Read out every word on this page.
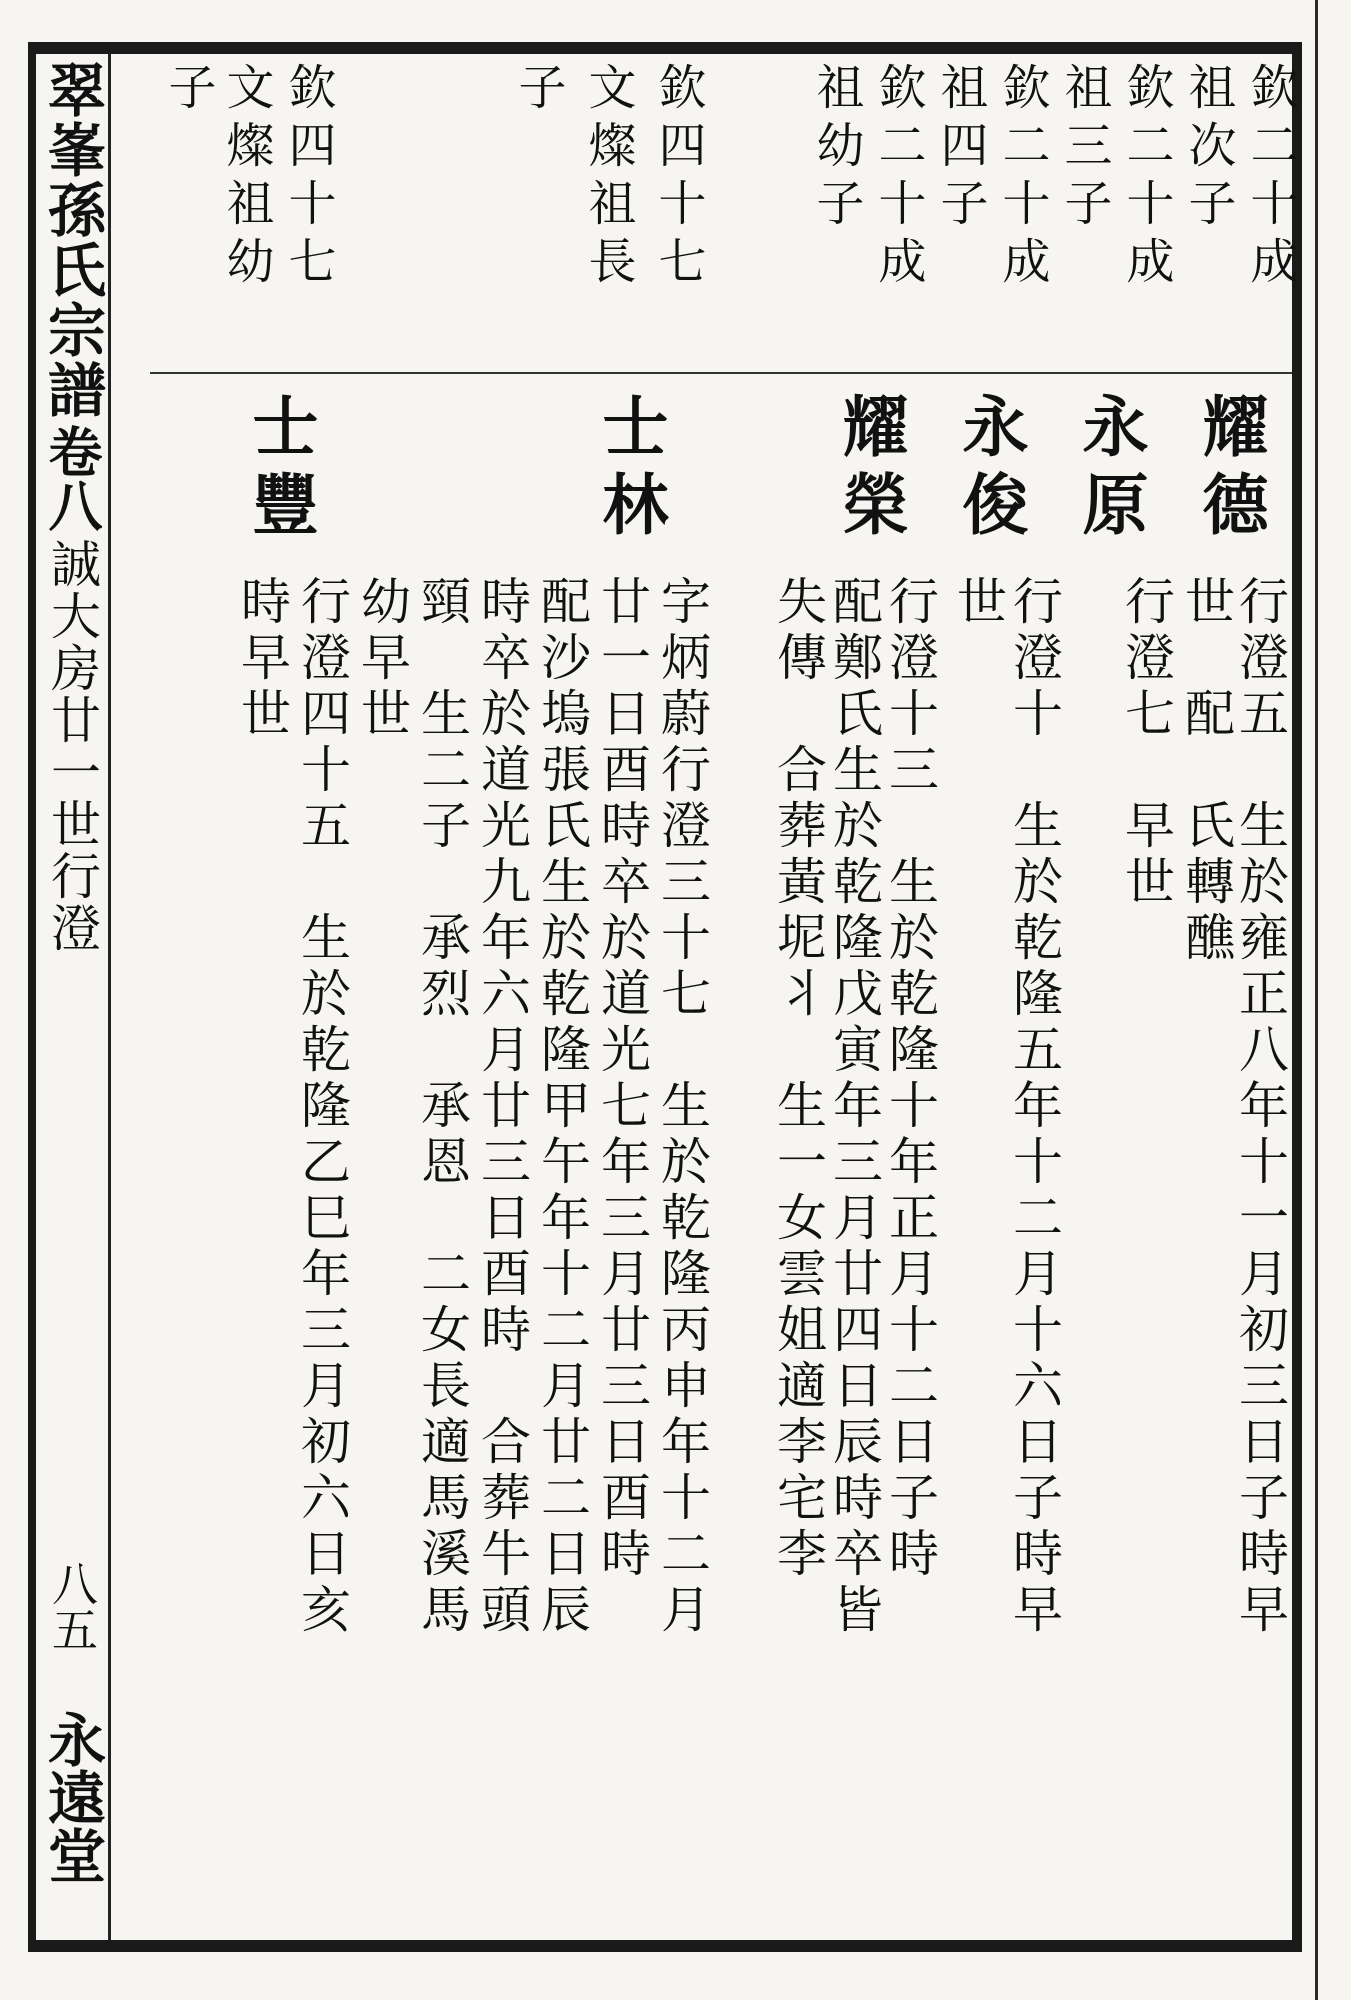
翠峯孫氏宗譜
卷八
誠大房廿一世行澄
八五
永遠堂
欽二十成
祖次子
欽二十成
祖三子
欽二十成
祖四子
欽二十成
祖幼子
欽四十七
文燦祖長
子
欽四十七
文燦祖幼
子
耀德
永原
永俊
耀榮
士林
士豐
行澄五　生於雍正八年十一月初三日子時早
世　配　氏轉醮
行澄七　早世
行澄十　生於乾隆五年十二月十六日子時早
世
行澄十三　生於乾隆十年正月十二日子時
配鄭氏生於乾隆戊寅年三月廿四日辰時卒皆
失傳　合葬黃坭丬　生一女雲姐適李宅李
字炳蔚行澄三十七　生於乾隆丙申年十二月
廿一日酉時卒於道光七年三月廿三日酉時
配沙塢張氏生於乾隆甲午年十二月廿二日辰
時卒於道光九年六月廿三日酉時　合葬牛頭
頸　生二子　承烈　承恩　二女長適馬溪馬
幼早世
行澄四十五　生於乾隆乙巳年三月初六日亥
時早世
